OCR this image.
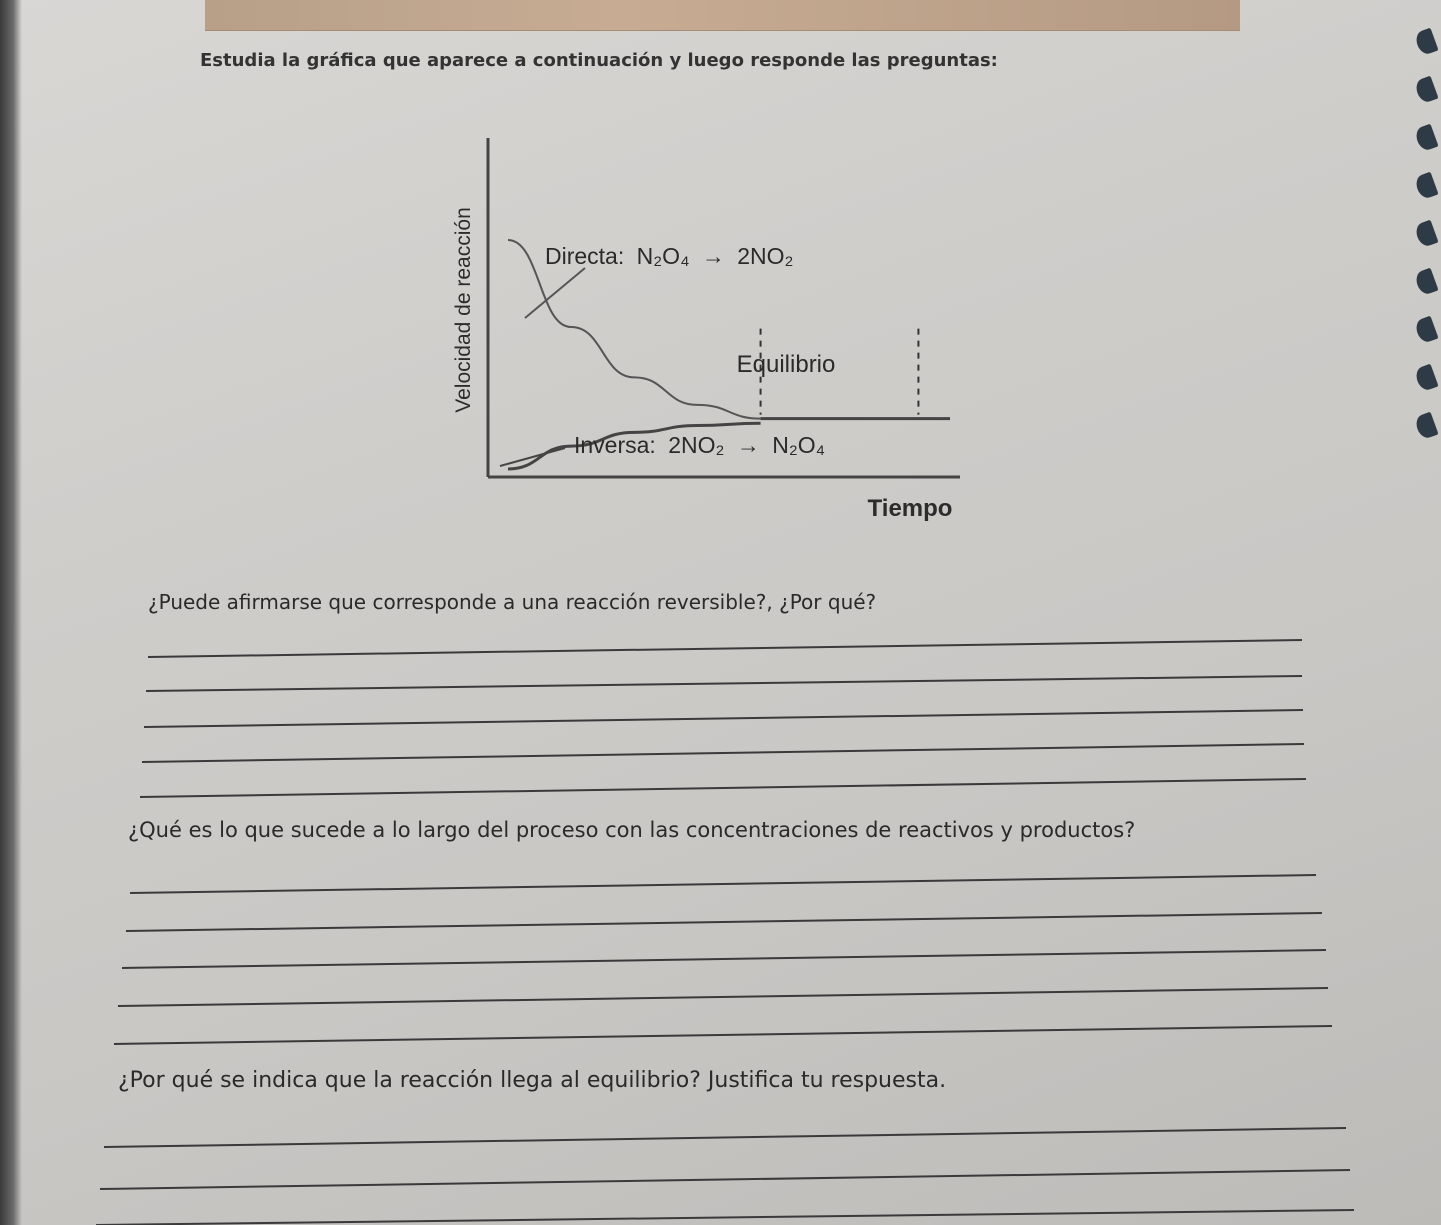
Estudia la gráfica que aparece a continuación y luego responde las preguntas:
Velocidad de reacción
Tiempo
Directa: N₂O₄ → 2NO₂
Equilibrio
Inversa: 2NO₂ → N₂O₄
¿Puede afirmarse que corresponde a una reacción reversible?, ¿Por qué?
¿Qué es lo que sucede a lo largo del proceso con las concentraciones de reactivos y productos?
¿Por qué se indica que la reacción llega al equilibrio? Justifica tu respuesta.
